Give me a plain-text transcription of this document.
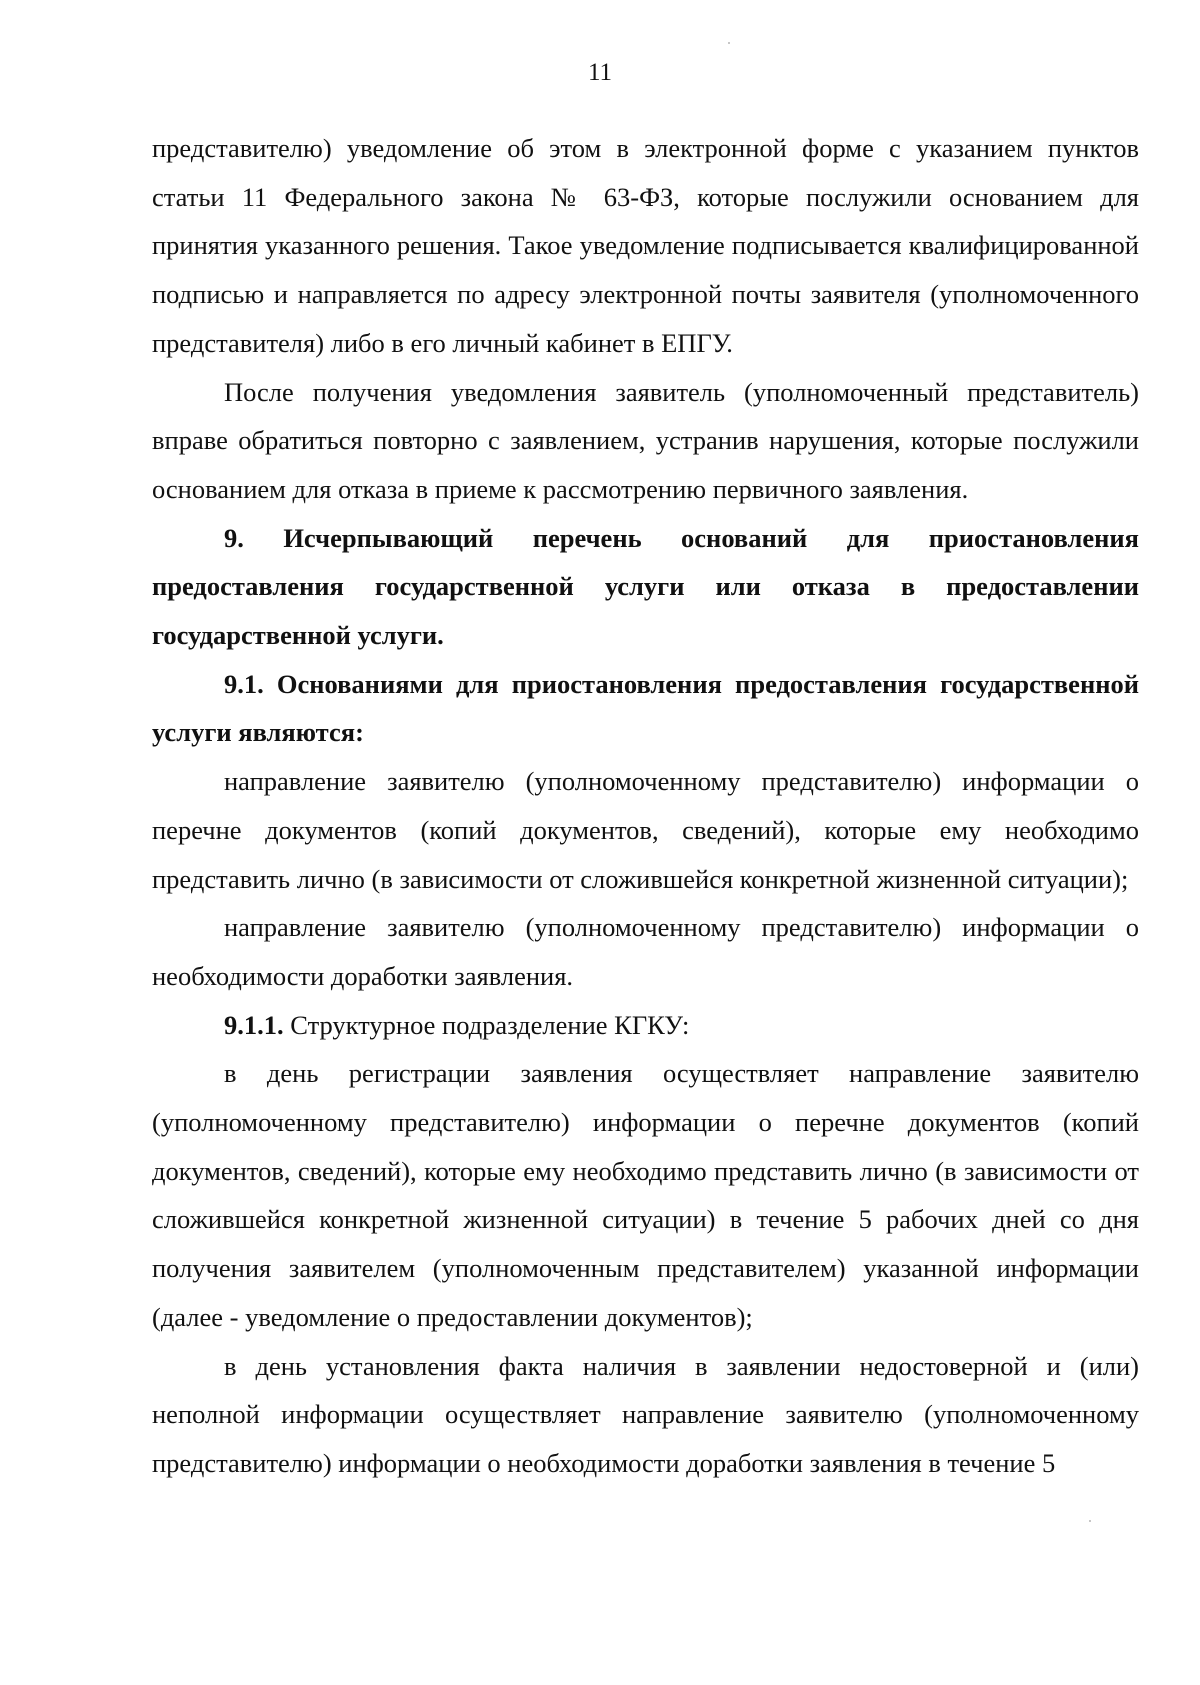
11

представителю) уведомление об этом в электронной форме с указанием пунктов статьи 11 Федерального закона № 63-ФЗ, которые послужили основанием для принятия указанного решения. Такое уведомление подписывается квалифицированной подписью и направляется по адресу электронной почты заявителя (уполномоченного представителя) либо в его личный кабинет в ЕПГУ.

После получения уведомления заявитель (уполномоченный представитель) вправе обратиться повторно с заявлением, устранив нарушения, которые послужили основанием для отказа в приеме к рассмотрению первичного заявления.

9. Исчерпывающий перечень оснований для приостановления предоставления государственной услуги или отказа в предоставлении государственной услуги.

9.1. Основаниями для приостановления предоставления государственной услуги являются:

направление заявителю (уполномоченному представителю) информации о перечне документов (копий документов, сведений), которые ему необходимо представить лично (в зависимости от сложившейся конкретной жизненной ситуации);

направление заявителю (уполномоченному представителю) информации о необходимости доработки заявления.

9.1.1. Структурное подразделение КГКУ:

в день регистрации заявления осуществляет направление заявителю (уполномоченному представителю) информации о перечне документов (копий документов, сведений), которые ему необходимо представить лично (в зависимости от сложившейся конкретной жизненной ситуации) в течение 5 рабочих дней со дня получения заявителем (уполномоченным представителем) указанной информации (далее - уведомление о предоставлении документов);

в день установления факта наличия в заявлении недостоверной и (или) неполной информации осуществляет направление заявителю (уполномоченному представителю) информации о необходимости доработки заявления в течение 5
